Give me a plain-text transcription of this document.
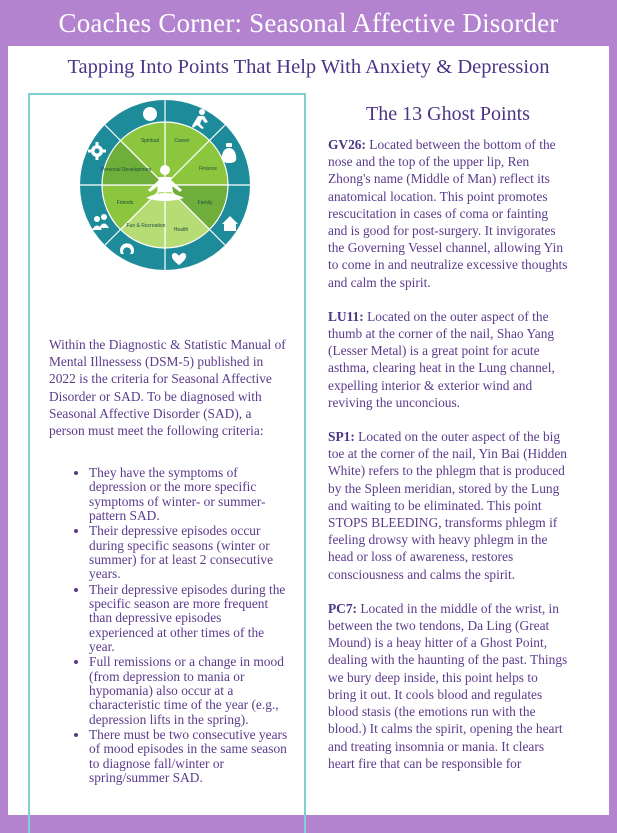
Coaches Corner: Seasonal Affective Disorder
Tapping Into Points That Help With Anxiety & Depression
Spiritual	Career
Finance
Family
Health
Fun & Recreation
Friends
Personal Development

Within the Diagnostic & Statistic Manual of Mental Illnessess (DSM-5) published in 2022 is the criteria for Seasonal Affective Disorder or SAD. To be diagnosed with Seasonal Affective Disorder (SAD), a person must meet the following criteria:

• They have the symptoms of depression or the more specific symptoms of winter- or summer-pattern SAD.
• Their depressive episodes occur during specific seasons (winter or summer) for at least 2 consecutive years.
• Their depressive episodes during the specific season are more frequent than depressive episodes experienced at other times of the year.
• Full remissions or a change in mood (from depression to mania or hypomania) also occur at a characteristic time of the year (e.g., depression lifts in the spring).
• There must be two consecutive years of mood episodes in the same season to diagnose fall/winter or spring/summer SAD.
The 13 Ghost Points

GV26: Located between the bottom of the nose and the top of the upper lip, Ren Zhong's name (Middle of Man) reflect its anatomical location. This point promotes rescucitation in cases of coma or fainting and is good for post-surgery. It invigorates the Governing Vessel channel, allowing Yin to come in and neutralize excessive thoughts and calm the spirit.

LU11: Located on the outer aspect of the thumb at the corner of the nail, Shao Yang (Lesser Metal) is a great point for acute asthma, clearing heat in the Lung channel, expelling interior & exterior wind and reviving the unconcious.

SP1: Located on the outer aspect of the big toe at the corner of the nail, Yin Bai (Hidden White) refers to the phlegm that is produced by the Spleen meridian, stored by the Lung and waiting to be eliminated. This point STOPS BLEEDING, transforms phlegm if feeling drowsy with heavy phlegm in the head or loss of awareness, restores consciousness and calms the spirit.

PC7: Located in the middle of the wrist, in between the two tendons, Da Ling (Great Mound) is a heay hitter of a Ghost Point, dealing with the haunting of the past. Things we bury deep inside, this point helps to bring it out. It cools blood and regulates blood stasis (the emotions run with the blood.) It calms the spirit, opening the heart and treating insomnia or mania. It clears heart fire that can be responsible for
